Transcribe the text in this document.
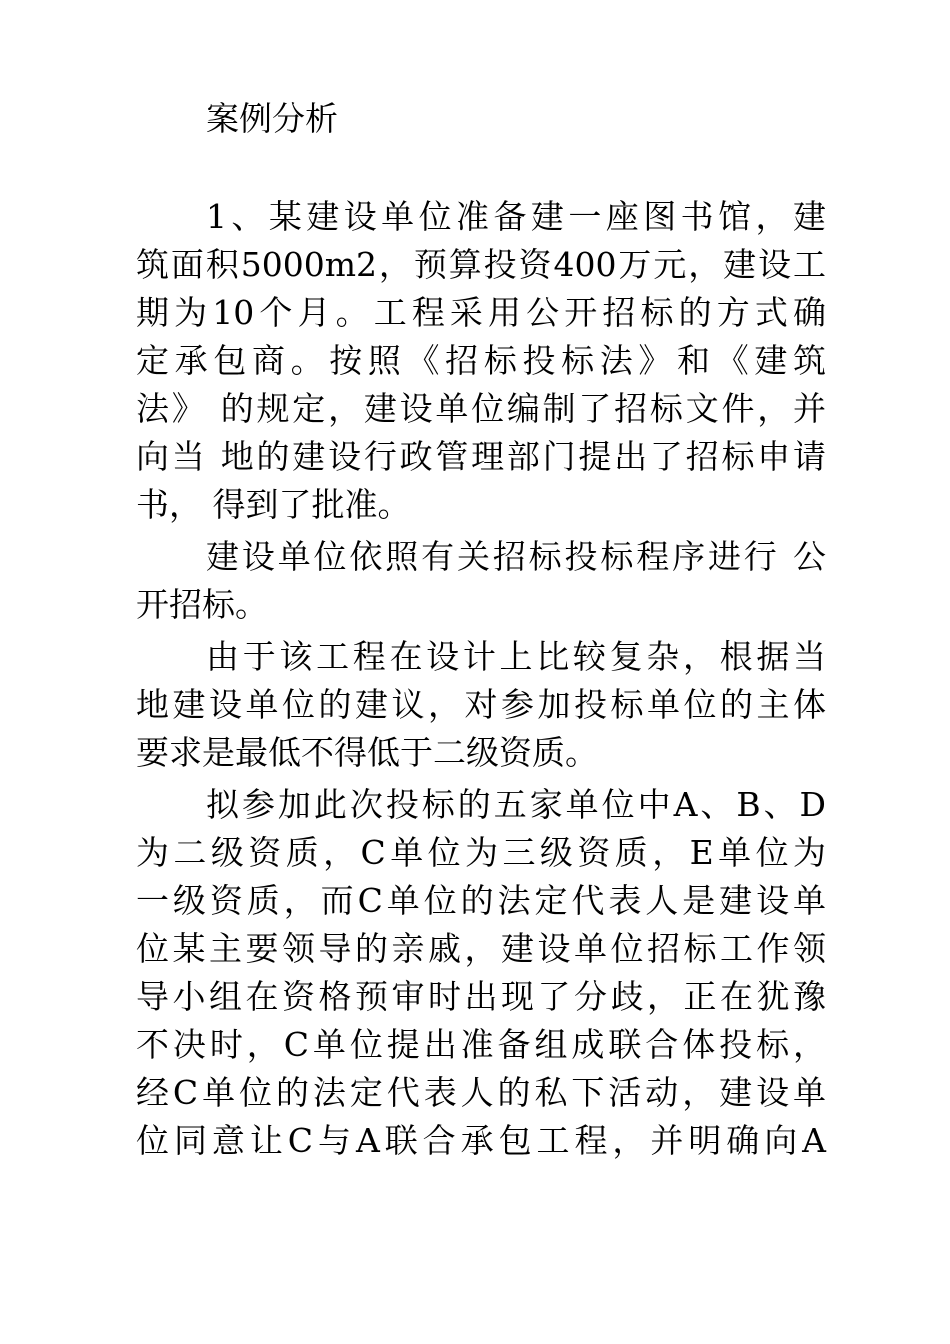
案例分析
1、某建设单位准备建一座图书馆，建
筑面积5000m2，预算投资400万元，建设工
期为10个月。工程采用公开招标的方式确
定承包商。按照《招标投标法》和《建筑
法》 的规定，建设单位编制了招标文件，并
向当 地的建设行政管理部门提出了招标申请
书， 得到了批准。
建设单位依照有关招标投标程序进行 公
开招标。
由于该工程在设计上比较复杂，根据当
地建设单位的建议，对参加投标单位的主体
要求是最低不得低于二级资质。
拟参加此次投标的五家单位中A、B、D
为二级资质，C单位为三级资质，E单位为
一级资质，而C单位的法定代表人是建设单
位某主要领导的亲戚，建设单位招标工作领
导小组在资格预审时出现了分歧，正在犹豫
不决时，C单位提出准备组成联合体投标，
经C单位的法定代表人的私下活动，建设单
位同意让C与A联合承包工程，并明确向A
